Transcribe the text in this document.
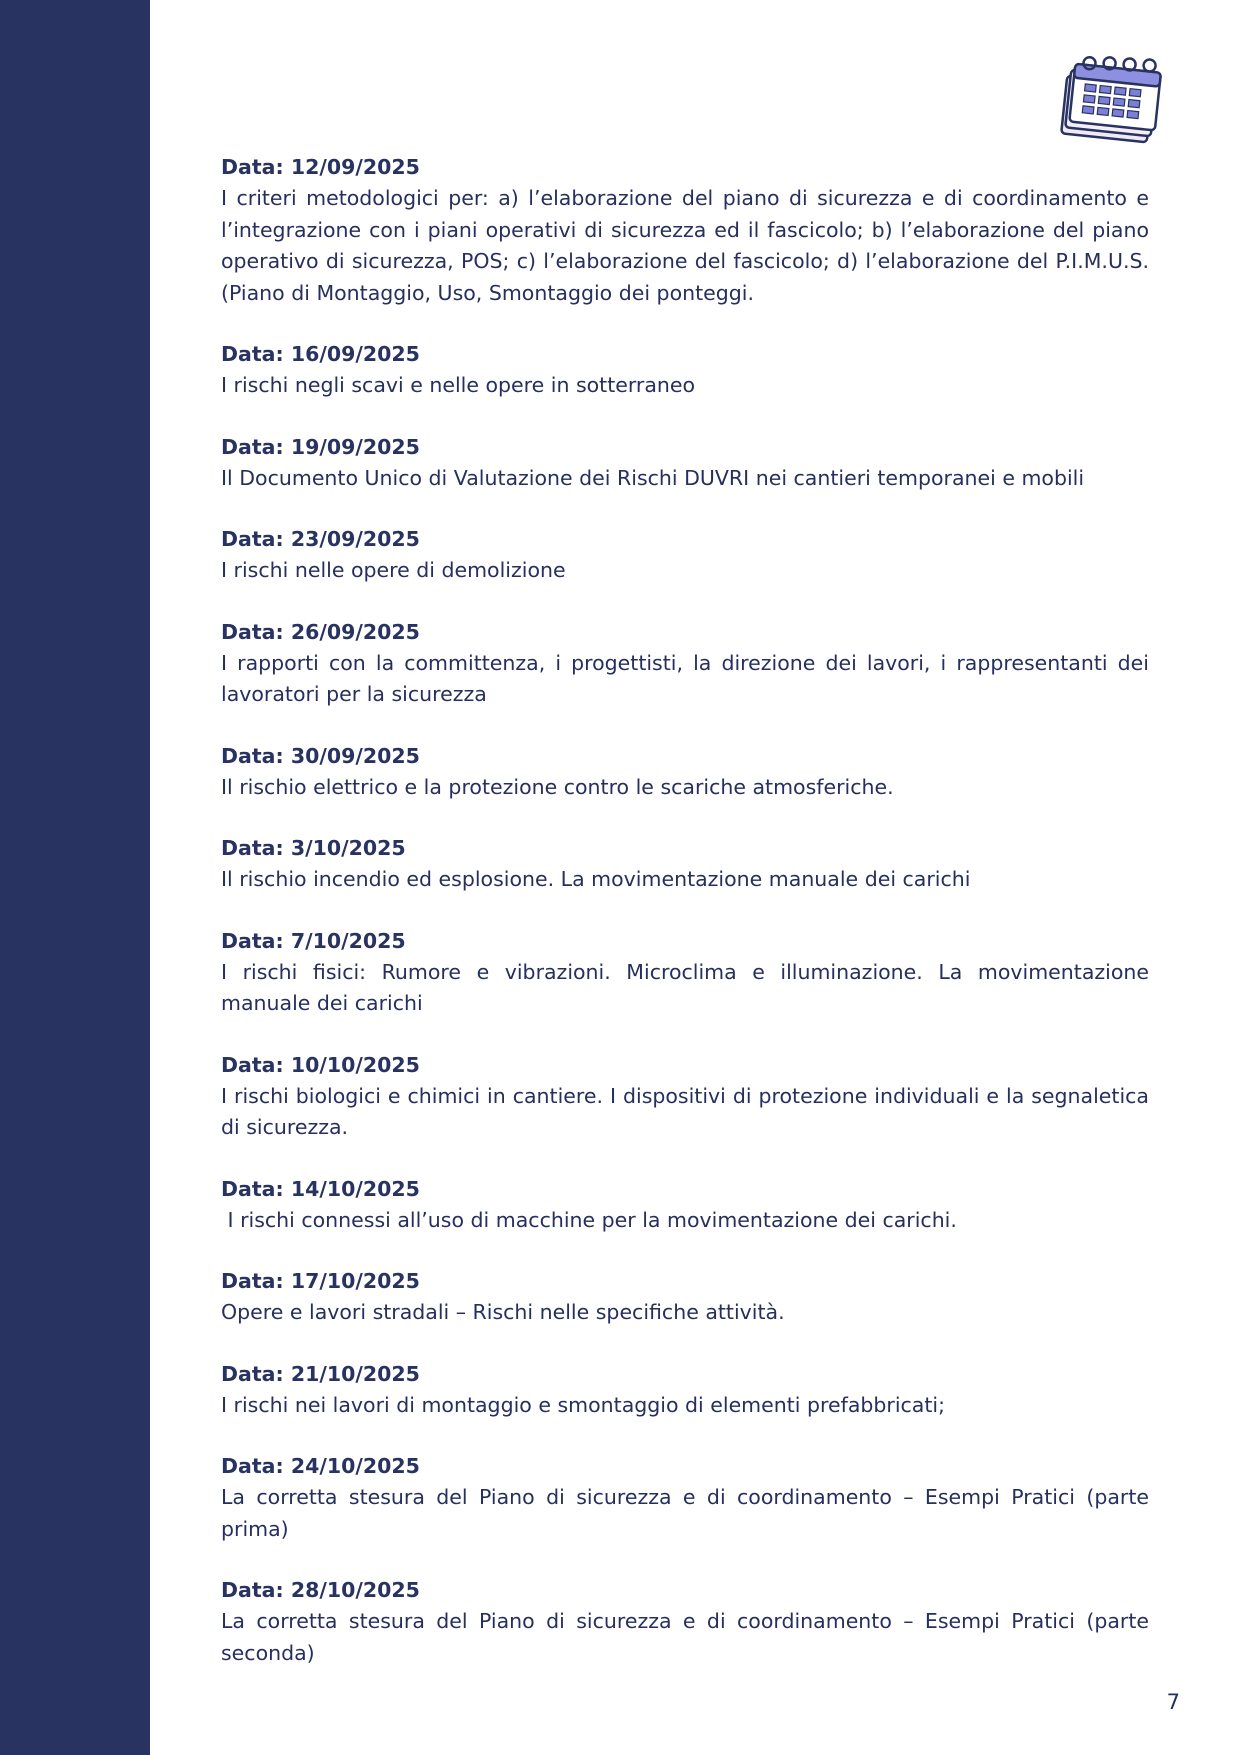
Data: 12/09/2025
I criteri metodologici per: a) l’elaborazione del piano di sicurezza e di coordinamento e l’integrazione con i piani operativi di sicurezza ed il fascicolo; b) l’elaborazione del piano operativo di sicurezza, POS; c) l’elaborazione del fascicolo; d) l’elaborazione del P.I.M.U.S. (Piano di Montaggio, Uso, Smontaggio dei ponteggi.
Data: 16/09/2025
I rischi negli scavi e nelle opere in sotterraneo
Data: 19/09/2025
Il Documento Unico di Valutazione dei Rischi DUVRI nei cantieri temporanei e mobili
Data: 23/09/2025
I rischi nelle opere di demolizione
Data: 26/09/2025
I rapporti con la committenza, i progettisti, la direzione dei lavori, i rappresentanti dei lavoratori per la sicurezza
Data: 30/09/2025
Il rischio elettrico e la protezione contro le scariche atmosferiche.
Data: 3/10/2025
Il rischio incendio ed esplosione. La movimentazione manuale dei carichi
Data: 7/10/2025
I rischi fisici: Rumore e vibrazioni. Microclima e illuminazione. La movimentazione manuale dei carichi
Data: 10/10/2025
I rischi biologici e chimici in cantiere. I dispositivi di protezione individuali e la segnaletica di sicurezza.
Data: 14/10/2025
I rischi connessi all’uso di macchine per la movimentazione dei carichi.
Data: 17/10/2025
Opere e lavori stradali – Rischi nelle specifiche attività.
Data: 21/10/2025
I rischi nei lavori di montaggio e smontaggio di elementi prefabbricati;
Data: 24/10/2025
La corretta stesura del Piano di sicurezza e di coordinamento – Esempi Pratici (parte prima)
Data: 28/10/2025
La corretta stesura del Piano di sicurezza e di coordinamento – Esempi Pratici (parte seconda)
7
